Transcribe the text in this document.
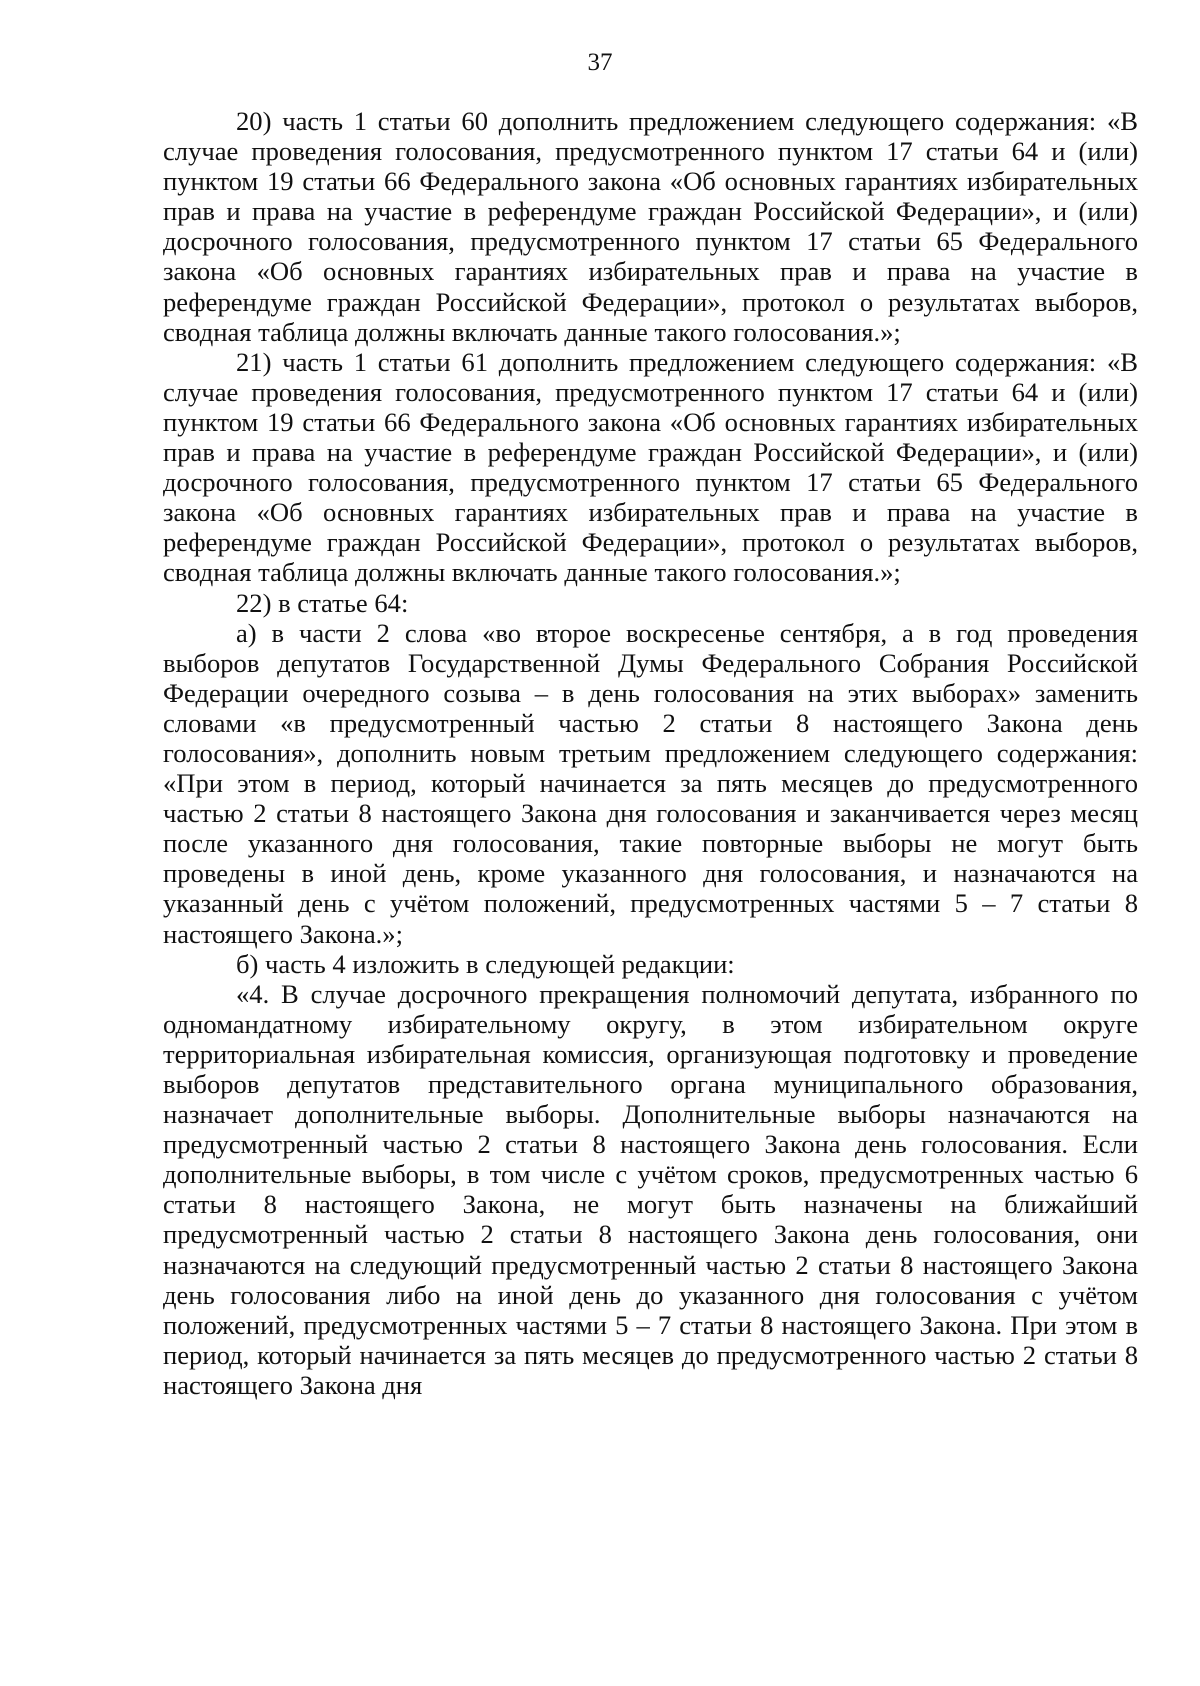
37

20) часть 1 статьи 60 дополнить предложением следующего содержания: «В случае проведения голосования, предусмотренного пунктом 17 статьи 64 и (или) пунктом 19 статьи 66 Федерального закона «Об основных гарантиях избирательных прав и права на участие в референдуме граждан Российской Федерации», и (или) досрочного голосования, предусмотренного пунктом 17 статьи 65 Федерального закона «Об основных гарантиях избирательных прав и права на участие в референдуме граждан Российской Федерации», протокол о результатах выборов, сводная таблица должны включать данные такого голосования.»;

21) часть 1 статьи 61 дополнить предложением следующего содержания: «В случае проведения голосования, предусмотренного пунктом 17 статьи 64 и (или) пунктом 19 статьи 66 Федерального закона «Об основных гарантиях избирательных прав и права на участие в референдуме граждан Российской Федерации», и (или) досрочного голосования, предусмотренного пунктом 17 статьи 65 Федерального закона «Об основных гарантиях избирательных прав и права на участие в референдуме граждан Российской Федерации», протокол о результатах выборов, сводная таблица должны включать данные такого голосования.»;

22) в статье 64:

а) в части 2 слова «во второе воскресенье сентября, а в год проведения выборов депутатов Государственной Думы Федерального Собрания Российской Федерации очередного созыва – в день голосования на этих выборах» заменить словами «в предусмотренный частью 2 статьи 8 настоящего Закона день голосования», дополнить новым третьим предложением следующего содержания: «При этом в период, который начинается за пять месяцев до предусмотренного частью 2 статьи 8 настоящего Закона дня голосования и заканчивается через месяц после указанного дня голосования, такие повторные выборы не могут быть проведены в иной день, кроме указанного дня голосования, и назначаются на указанный день с учётом положений, предусмотренных частями 5 – 7 статьи 8 настоящего Закона.»;

б) часть 4 изложить в следующей редакции:

«4. В случае досрочного прекращения полномочий депутата, избранного по одномандатному избирательному округу, в этом избирательном округе территориальная избирательная комиссия, организующая подготовку и проведение выборов депутатов представительного органа муниципального образования, назначает дополнительные выборы. Дополнительные выборы назначаются на предусмотренный частью 2 статьи 8 настоящего Закона день голосования. Если дополнительные выборы, в том числе с учётом сроков, предусмотренных частью 6 статьи 8 настоящего Закона, не могут быть назначены на ближайший предусмотренный частью 2 статьи 8 настоящего Закона день голосования, они назначаются на следующий предусмотренный частью 2 статьи 8 настоящего Закона день голосования либо на иной день до указанного дня голосования с учётом положений, предусмотренных частями 5 – 7 статьи 8 настоящего Закона. При этом в период, который начинается за пять месяцев до предусмотренного частью 2 статьи 8 настоящего Закона дня
